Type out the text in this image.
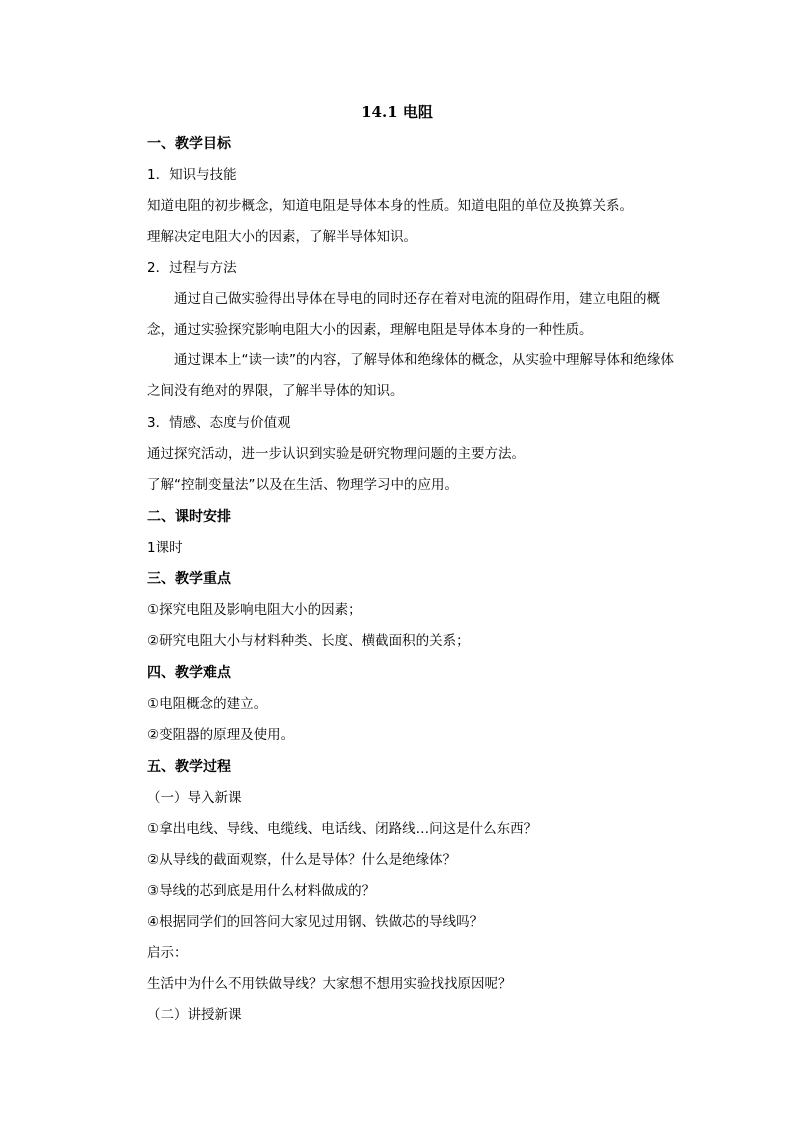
14.1 电阻
一、教学目标
1．知识与技能
知道电阻的初步概念，知道电阻是导体本身的性质。知道电阻的单位及换算关系。
理解决定电阻大小的因素，了解半导体知识。
2．过程与方法
通过自己做实验得出导体在导电的同时还存在着对电流的阻碍作用，建立电阻的概念，通过实验探究影响电阻大小的因素，理解电阻是导体本身的一种性质。
通过课本上“读一读”的内容，了解导体和绝缘体的概念，从实验中理解导体和绝缘体之间没有绝对的界限，了解半导体的知识。
3．情感、态度与价值观
通过探究活动，进一步认识到实验是研究物理问题的主要方法。
了解“控制变量法”以及在生活、物理学习中的应用。
二、课时安排
1课时
三、教学重点
①探究电阻及影响电阻大小的因素；
②研究电阻大小与材料种类、长度、横截面积的关系；
四、教学难点
①电阻概念的建立。
②变阻器的原理及使用。
五、教学过程
（一）导入新课
①拿出电线、导线、电缆线、电话线、闭路线…问这是什么东西？
②从导线的截面观察，什么是导体？什么是绝缘体？
③导线的芯到底是用什么材料做成的？
④根据同学们的回答问大家见过用钢、铁做芯的导线吗？
启示：
生活中为什么不用铁做导线？大家想不想用实验找找原因呢？
（二）讲授新课
